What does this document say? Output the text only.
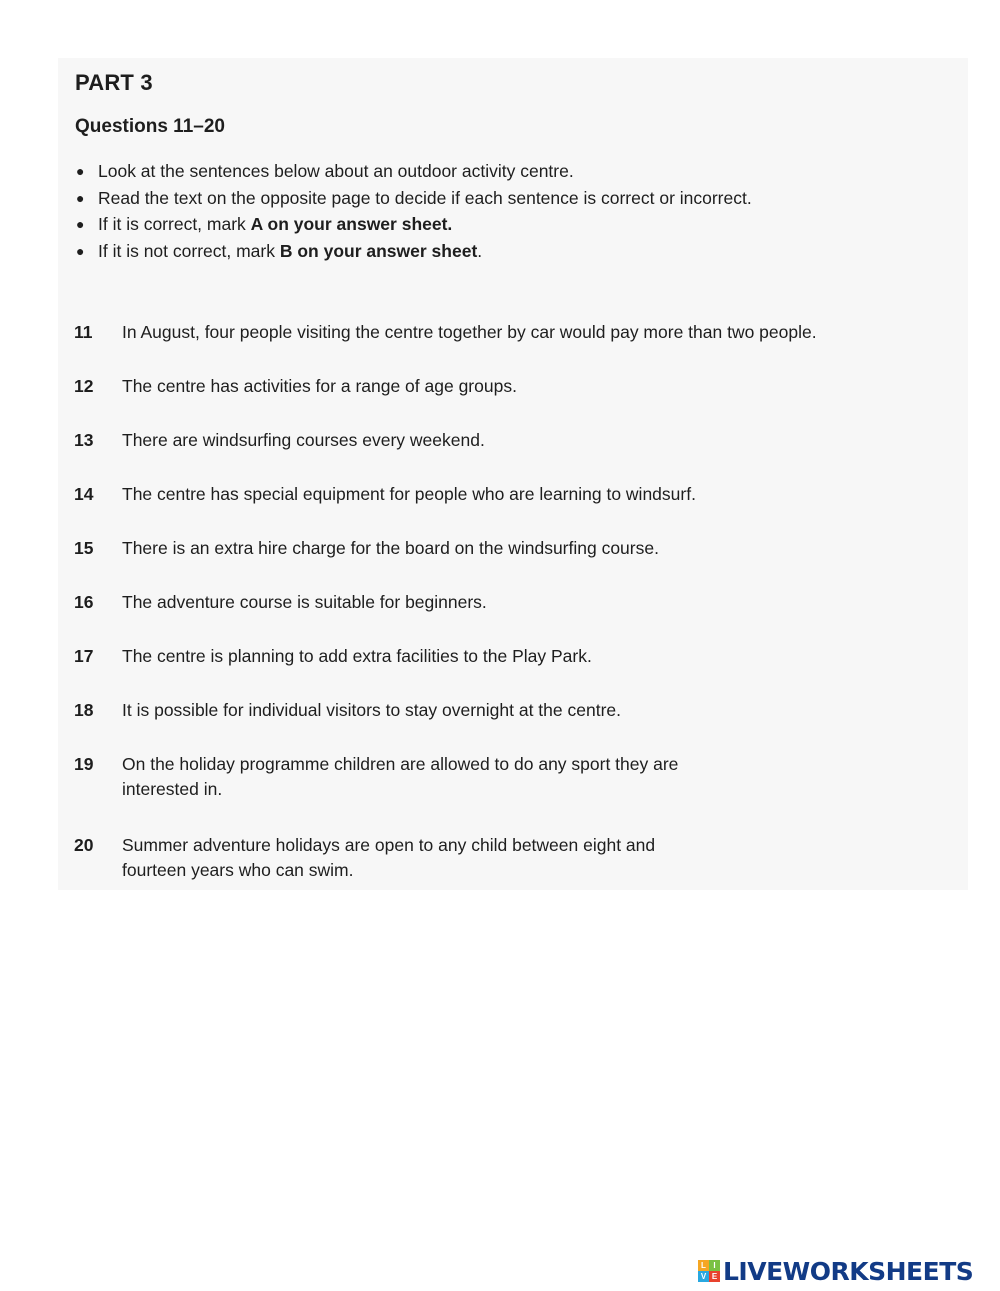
PART 3
Questions 11–20
● Look at the sentences below about an outdoor activity centre.
● Read the text on the opposite page to decide if each sentence is correct or incorrect.
● If it is correct, mark A on your answer sheet.
● If it is not correct, mark B on your answer sheet.
11 In August, four people visiting the centre together by car would pay more than two people.
12 The centre has activities for a range of age groups.
13 There are windsurfing courses every weekend.
14 The centre has special equipment for people who are learning to windsurf.
15 There is an extra hire charge for the board on the windsurfing course.
16 The adventure course is suitable for beginners.
17 The centre is planning to add extra facilities to the Play Park.
18 It is possible for individual visitors to stay overnight at the centre.
19 On the holiday programme children are allowed to do any sport they are
interested in.
20 Summer adventure holidays are open to any child between eight and
fourteen years who can swim.
L I
V E LIVEWORKSHEETS
